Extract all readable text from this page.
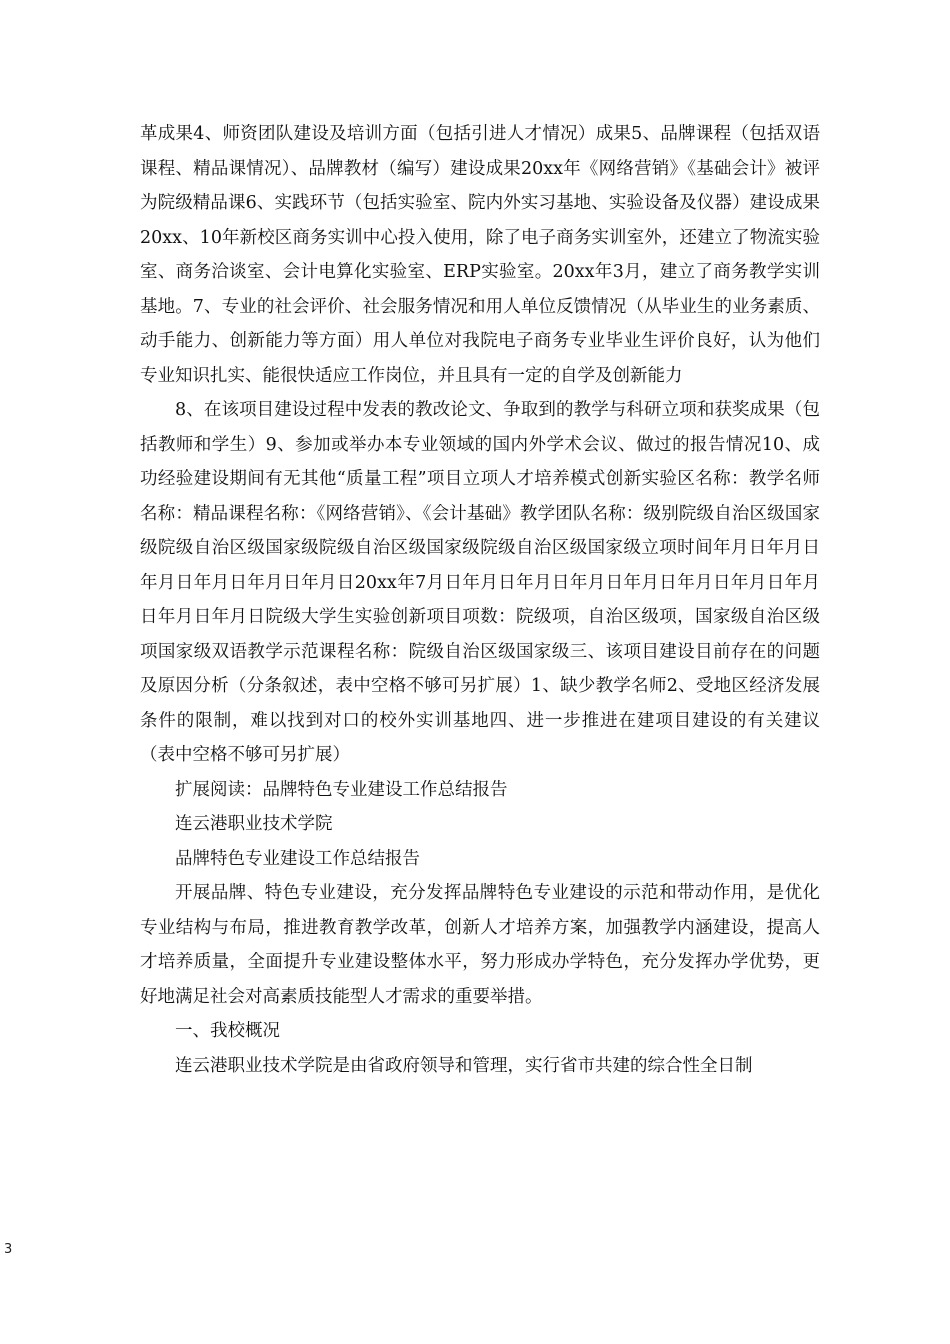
革成果4、师资团队建设及培训方面（包括引进人才情况）成果5、品牌课程（包括双语课程、精品课情况）、品牌教材（编写）建设成果20xx年《网络营销》《基础会计》被评为院级精品课6、实践环节（包括实验室、院内外实习基地、实验设备及仪器）建设成果20xx、10年新校区商务实训中心投入使用，除了电子商务实训室外，还建立了物流实验室、商务洽谈室、会计电算化实验室、ERP实验室。20xx年3月，建立了商务教学实训基地。7、专业的社会评价、社会服务情况和用人单位反馈情况（从毕业生的业务素质、动手能力、创新能力等方面）用人单位对我院电子商务专业毕业生评价良好，认为他们专业知识扎实、能很快适应工作岗位，并且具有一定的自学及创新能力

8、在该项目建设过程中发表的教改论文、争取到的教学与科研立项和获奖成果（包括教师和学生）9、参加或举办本专业领域的国内外学术会议、做过的报告情况10、成功经验建设期间有无其他“质量工程”项目立项人才培养模式创新实验区名称：教学名师名称：精品课程名称：《网络营销》、《会计基础》教学团队名称：级别院级自治区级国家级院级自治区级国家级院级自治区级国家级院级自治区级国家级立项时间年月日年月日年月日年月日年月日年月日20xx年7月日年月日年月日年月日年月日年月日年月日年月日年月日年月日院级大学生实验创新项目项数：院级项，自治区级项，国家级自治区级项国家级双语教学示范课程名称：院级自治区级国家级三、该项目建设目前存在的问题及原因分析（分条叙述，表中空格不够可另扩展）1、缺少教学名师2、受地区经济发展条件的限制，难以找到对口的校外实训基地四、进一步推进在建项目建设的有关建议（表中空格不够可另扩展）

扩展阅读：品牌特色专业建设工作总结报告

连云港职业技术学院

品牌特色专业建设工作总结报告

开展品牌、特色专业建设，充分发挥品牌特色专业建设的示范和带动作用，是优化专业结构与布局，推进教育教学改革，创新人才培养方案，加强教学内涵建设，提高人才培养质量，全面提升专业建设整体水平，努力形成办学特色，充分发挥办学优势，更好地满足社会对高素质技能型人才需求的重要举措。

一、我校概况

连云港职业技术学院是由省政府领导和管理，实行省市共建的综合性全日制

3
